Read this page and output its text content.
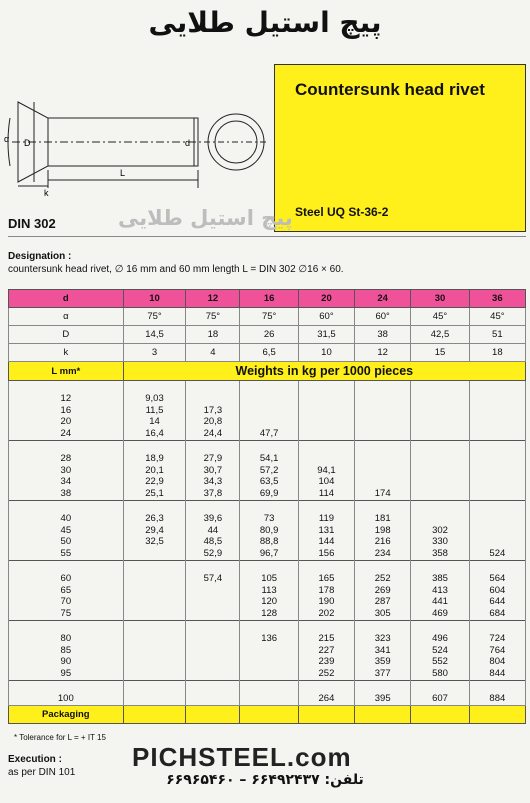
پیچ استیل طلایی
α D	d
k
L
Countersunk head rivet
Steel UQ St-36-2
DIN 302	پیچ استیل طلایی
Designation :
countersunk head rivet, ∅ 16 mm and 60 mm length L = DIN 302 ∅16 × 60.
d	10	12	16	20	24	30	36
α	75°	75°	75°	60°	60°	45°	45°
D	14,5	18	26	31,5	38	42,5	51
k	3	4	6,5	10	12	15	18
L mm*	Weights in kg per 1000 pieces						

12	9,03						
16	11,5	17,3					
20	14	20,8					
24	16,4	24,4	47,7				

28	18,9	27,9	54,1				
30	20,1	30,7	57,2	94,1			
34	22,9	34,3	63,5	104			
38	25,1	37,8	69,9	114	174		

40	26,3	39,6	73	119	181		
45	29,4	44	80,9	131	198	302	
50	32,5	48,5	88,8	144	216	330	
55		52,9	96,7	156	234	358	524

60		57,4	105	165	252	385	564
65			113	178	269	413	604
70			120	190	287	441	644
75			128	202	305	469	684

80			136	215	323	496	724
85				227	341	524	764
90				239	359	552	804
95				252	377	580	844

100				264	395	607	884
Packaging							
* Tolerance for L = + IT 15
Execution :
as per DIN 101
PICHSTEEL.com
تلفن: ۶۶۴۹۲۴۳۷ – ۶۶۹۶۵۴۶۰
